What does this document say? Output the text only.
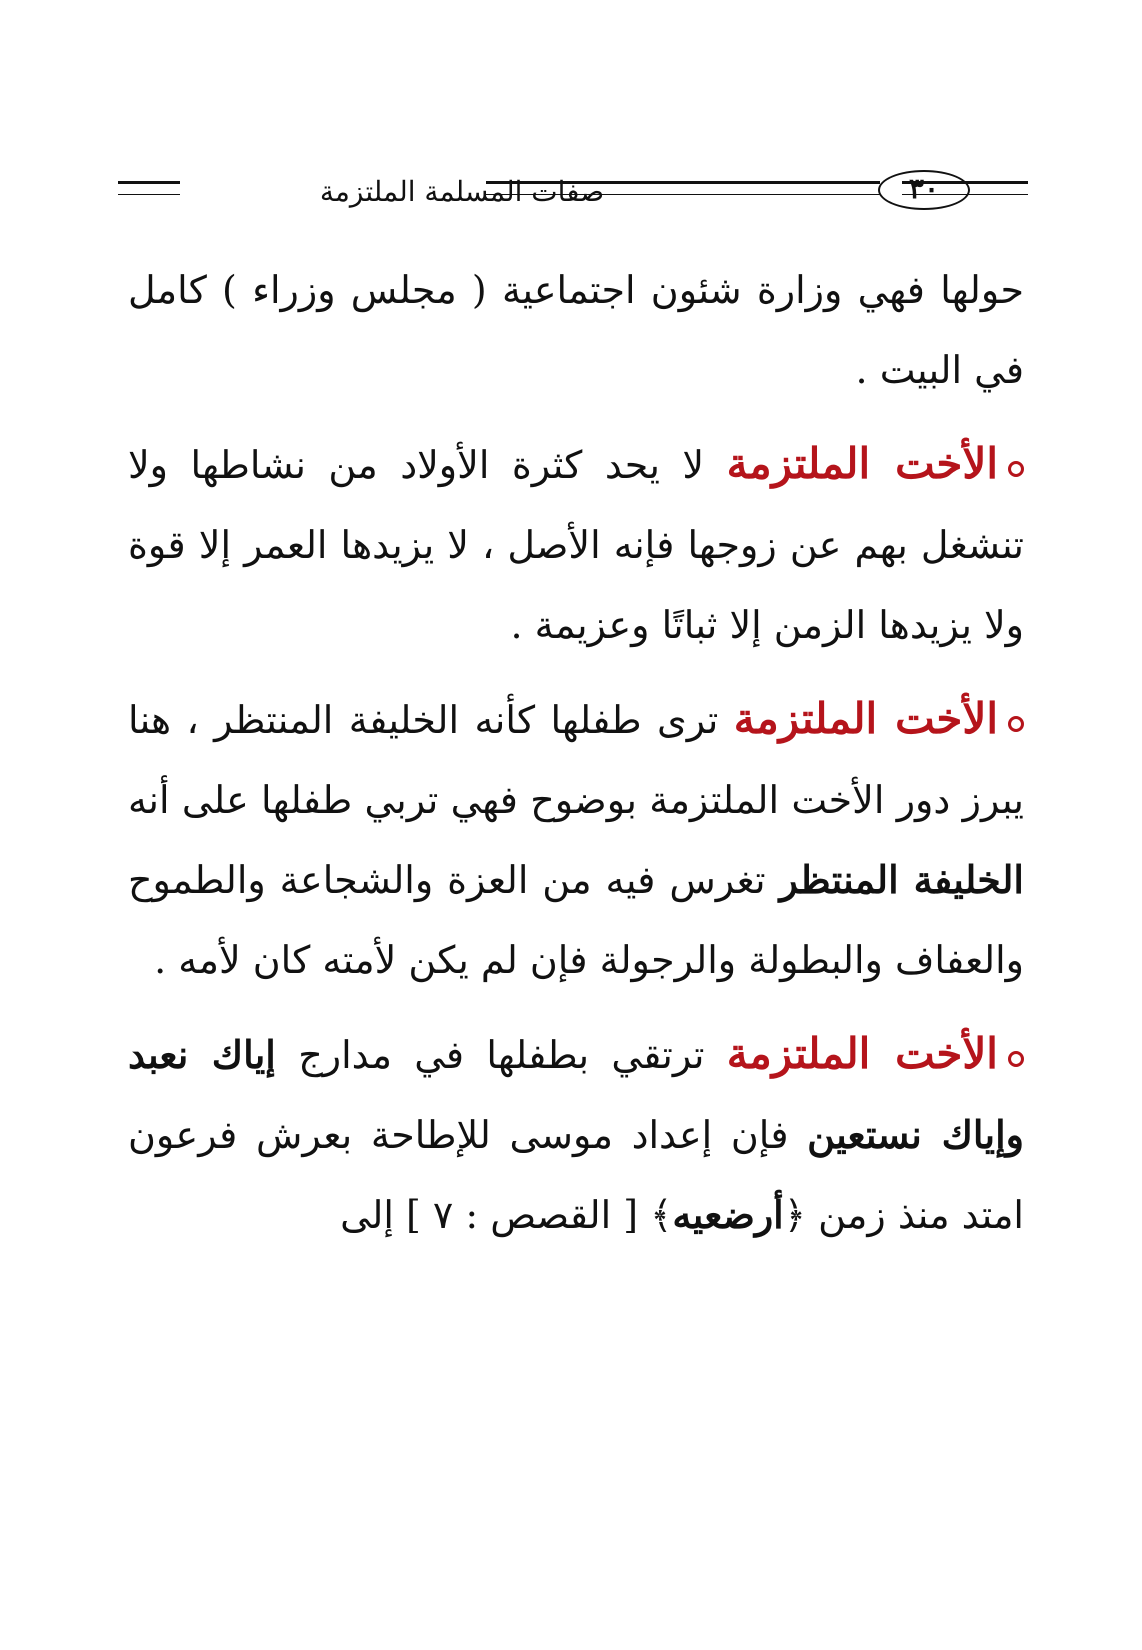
٣٠
صفات المسلمة الملتزمة

حولها فهي وزارة شئون اجتماعية ( مجلس وزراء ) كامل في البيت .

الأخت الملتزمة لا يحد كثرة الأولاد من نشاطها ولا تنشغل بهم عن زوجها فإنه الأصل ، لا يزيدها العمر إلا قوة ولا يزيدها الزمن إلا ثباتًا وعزيمة .

الأخت الملتزمة ترى طفلها كأنه الخليفة المنتظر ، هنا يبرز دور الأخت الملتزمة بوضوح فهي تربي طفلها على أنه الخليفة المنتظر تغرس فيه من العزة والشجاعة والطموح والعفاف والبطولة والرجولة فإن لم يكن لأمته كان لأمه .

الأخت الملتزمة ترتقي بطفلها في مدارج إياك نعبد وإياك نستعين فإن إعداد موسى للإطاحة بعرش فرعون امتد منذ زمن ﴿أرضعيه﴾ [ القصص : ٧ ] إلى
